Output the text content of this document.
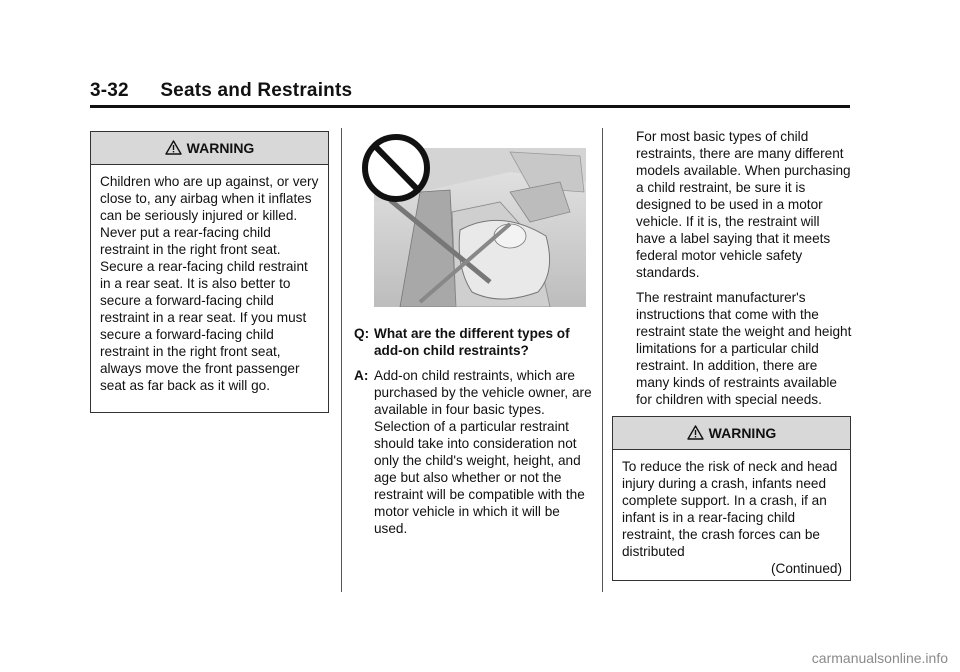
3-32 Seats and Restraints
WARNING
Children who are up against, or very close to, any airbag when it inflates can be seriously injured or killed. Never put a rear-facing child restraint in the right front seat. Secure a rear-facing child restraint in a rear seat. It is also better to secure a forward-facing child restraint in a rear seat. If you must secure a forward-facing child restraint in the right front seat, always move the front passenger seat as far back as it will go.
Q: What are the different types of add-on child restraints?
A: Add-on child restraints, which are purchased by the vehicle owner, are available in four basic types. Selection of a particular restraint should take into consideration not only the child's weight, height, and age but also whether or not the restraint will be compatible with the motor vehicle in which it will be used.

For most basic types of child restraints, there are many different models available. When purchasing a child restraint, be sure it is designed to be used in a motor vehicle. If it is, the restraint will have a label saying that it meets federal motor vehicle safety standards.

The restraint manufacturer's instructions that come with the restraint state the weight and height limitations for a particular child restraint. In addition, there are many kinds of restraints available for children with special needs.

WARNING
To reduce the risk of neck and head injury during a crash, infants need complete support. In a crash, if an infant is in a rear-facing child restraint, the crash forces can be distributed
(Continued)
carmanualsonline.info
